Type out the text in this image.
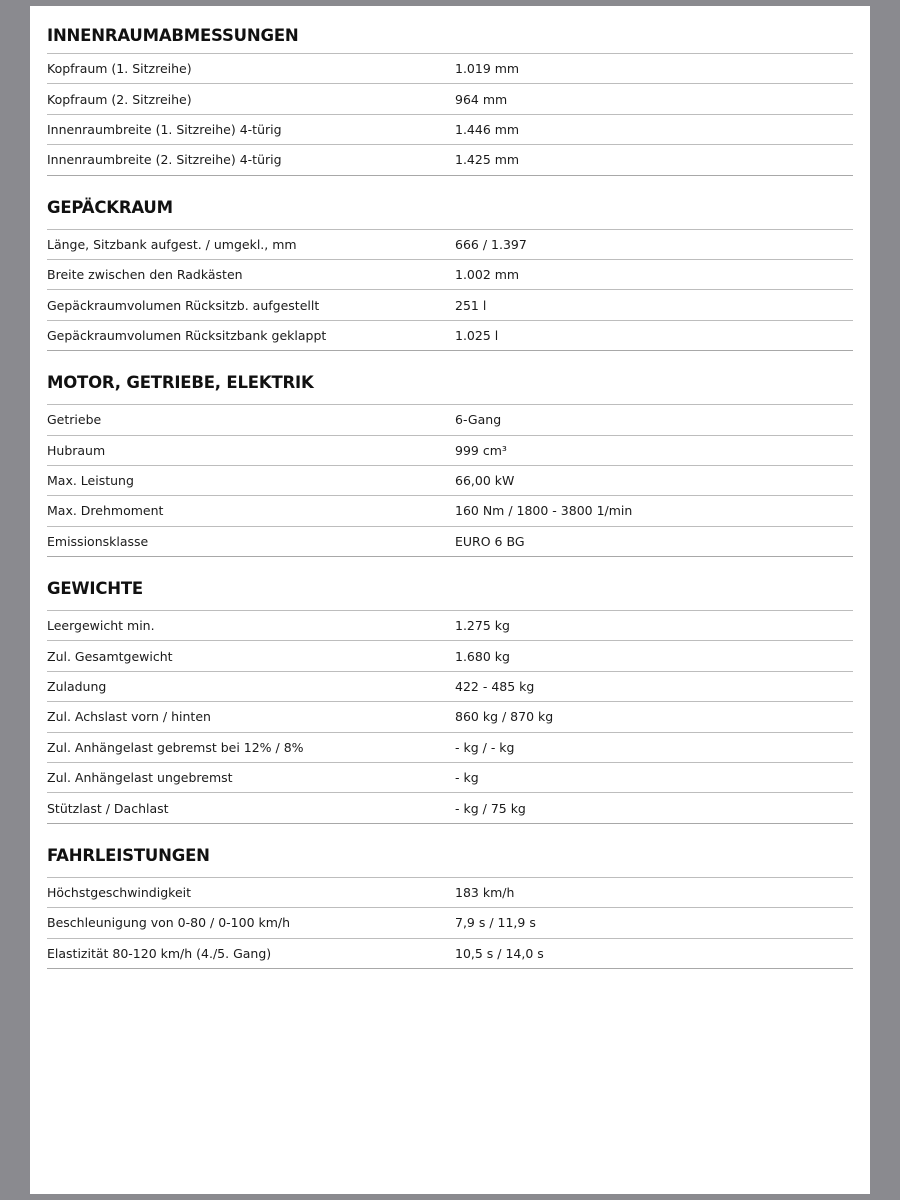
INNENRAUMABMESSUNGEN
Kopfraum (1. Sitzreihe)	1.019 mm
Kopfraum (2. Sitzreihe)	964 mm
Innenraumbreite (1. Sitzreihe) 4-türig	1.446 mm
Innenraumbreite (2. Sitzreihe) 4-türig	1.425 mm
GEPÄCKRAUM
Länge, Sitzbank aufgest. / umgekl., mm	666 / 1.397
Breite zwischen den Radkästen	1.002 mm
Gepäckraumvolumen Rücksitzb. aufgestellt	251 l
Gepäckraumvolumen Rücksitzbank geklappt	1.025 l
MOTOR, GETRIEBE, ELEKTRIK
Getriebe	6-Gang
Hubraum	999 cm³
Max. Leistung	66,00 kW
Max. Drehmoment	160 Nm / 1800 - 3800 1/min
Emissionsklasse	EURO 6 BG
GEWICHTE
Leergewicht min.	1.275 kg
Zul. Gesamtgewicht	1.680 kg
Zuladung	422 - 485 kg
Zul. Achslast vorn / hinten	860 kg / 870 kg
Zul. Anhängelast gebremst bei 12% / 8%	- kg / - kg
Zul. Anhängelast ungebremst	- kg
Stützlast / Dachlast	- kg / 75 kg
FAHRLEISTUNGEN
Höchstgeschwindigkeit	183 km/h
Beschleunigung von 0-80 / 0-100 km/h	7,9 s / 11,9 s
Elastizität 80-120 km/h (4./5. Gang)	10,5 s / 14,0 s
